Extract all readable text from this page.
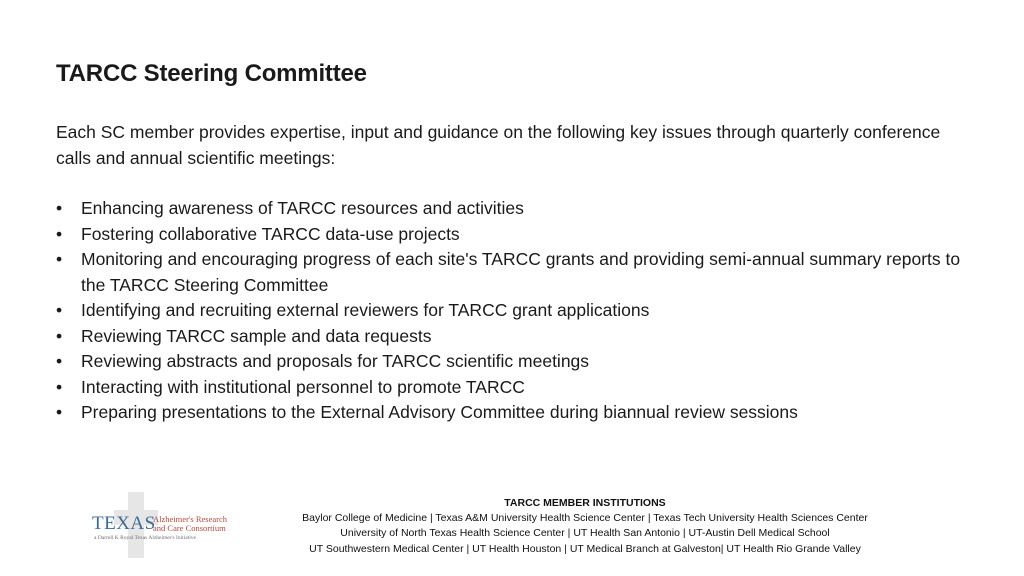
TARCC Steering Committee
Each SC member provides expertise, input and guidance on the following key issues through quarterly conference calls and annual scientific meetings:
• Enhancing awareness of TARCC resources and activities
• Fostering collaborative TARCC data-use projects
• Monitoring and encouraging progress of each site's TARCC grants and providing semi-annual summary reports to the TARCC Steering Committee
• Identifying and recruiting external reviewers for TARCC grant applications
• Reviewing TARCC sample and data requests
• Reviewing abstracts and proposals for TARCC scientific meetings
• Interacting with institutional personnel to promote TARCC
• Preparing presentations to the External Advisory Committee during biannual review sessions
TEXAS
Alzheimer's Research
and Care Consortium
a Darrell K Royal Texas Alzheimer's Initiative
TARCC MEMBER INSTITUTIONS
Baylor College of Medicine | Texas A&M University Health Science Center | Texas Tech University Health Sciences Center
University of North Texas Health Science Center | UT Health San Antonio | UT-Austin Dell Medical School
UT Southwestern Medical Center | UT Health Houston | UT Medical Branch at Galveston| UT Health Rio Grande Valley
